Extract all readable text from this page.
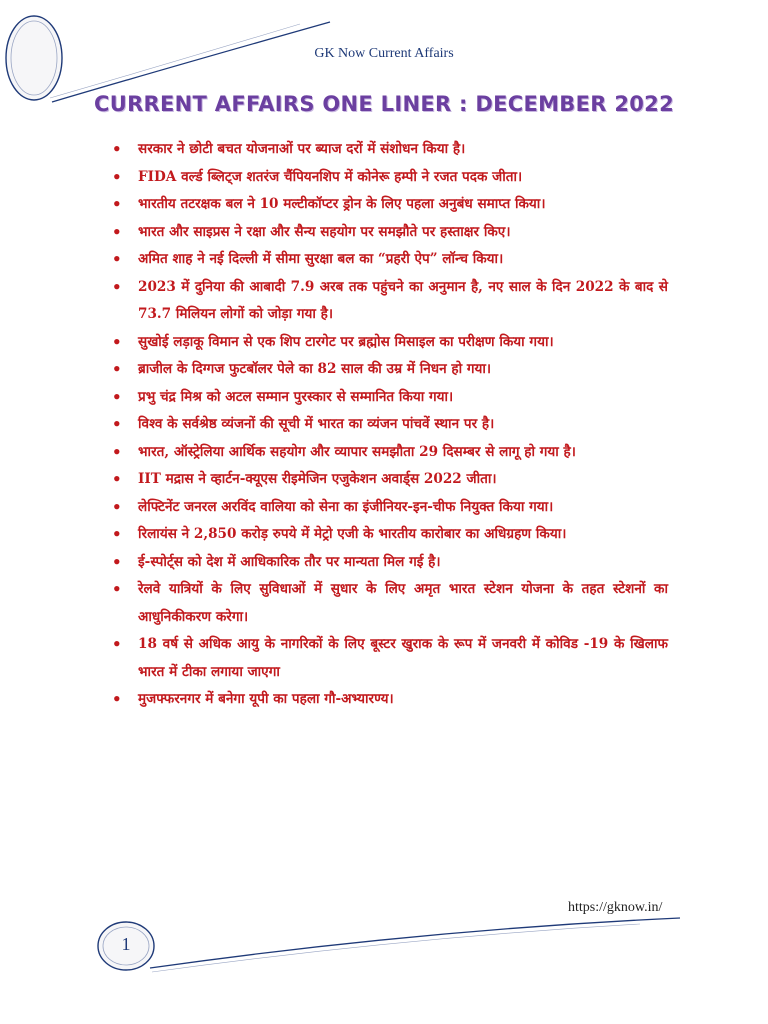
GK Now Current Affairs
CURRENT AFFAIRS ONE LINER : DECEMBER 2022
• सरकार ने छोटी बचत योजनाओं पर ब्याज दरों में संशोधन किया है।
• FIDA वर्ल्ड ब्लिट्ज शतरंज चैंपियनशिप में कोनेरू हम्पी ने रजत पदक जीता।
• भारतीय तटरक्षक बल ने 10 मल्टीकॉप्टर ड्रोन के लिए पहला अनुबंध समाप्त किया।
• भारत और साइप्रस ने रक्षा और सैन्य सहयोग पर समझौते पर हस्ताक्षर किए।
• अमित शाह ने नई दिल्ली में सीमा सुरक्षा बल का “प्रहरी ऐप” लॉन्च किया।
• 2023 में दुनिया की आबादी 7.9 अरब तक पहुंचने का अनुमान है, नए साल के दिन 2022 के बाद से 73.7 मिलियन लोगों को जोड़ा गया है।
• सुखोई लड़ाकू विमान से एक शिप टारगेट पर ब्रह्मोस मिसाइल का परीक्षण किया गया।
• ब्राजील के दिग्गज फुटबॉलर पेले का 82 साल की उम्र में निधन हो गया।
• प्रभु चंद्र मिश्र को अटल सम्मान पुरस्कार से सम्मानित किया गया।
• विश्व के सर्वश्रेष्ठ व्यंजनों की सूची में भारत का व्यंजन पांचवें स्थान पर है।
• भारत, ऑस्ट्रेलिया आर्थिक सहयोग और व्यापार समझौता 29 दिसम्बर से लागू हो गया है।
• IIT मद्रास ने व्हार्टन-क्यूएस रीइमेजिन एजुकेशन अवार्ड्स 2022 जीता।
• लेफ्टिनेंट जनरल अरविंद वालिया को सेना का इंजीनियर-इन-चीफ नियुक्त किया गया।
• रिलायंस ने 2,850 करोड़ रुपये में मेट्रो एजी के भारतीय कारोबार का अधिग्रहण किया।
• ई-स्पोर्ट्स को देश में आधिकारिक तौर पर मान्यता मिल गई है।
• रेलवे यात्रियों के लिए सुविधाओं में सुधार के लिए अमृत भारत स्टेशन योजना के तहत स्टेशनों का आधुनिकीकरण करेगा।
• 18 वर्ष से अधिक आयु के नागरिकों के लिए बूस्टर खुराक के रूप में जनवरी में कोविड -19 के खिलाफ भारत में टीका लगाया जाएगा
• मुजफ्फरनगर में बनेगा यूपी का पहला गौ-अभ्यारण्य।
https://gknow.in/
1
